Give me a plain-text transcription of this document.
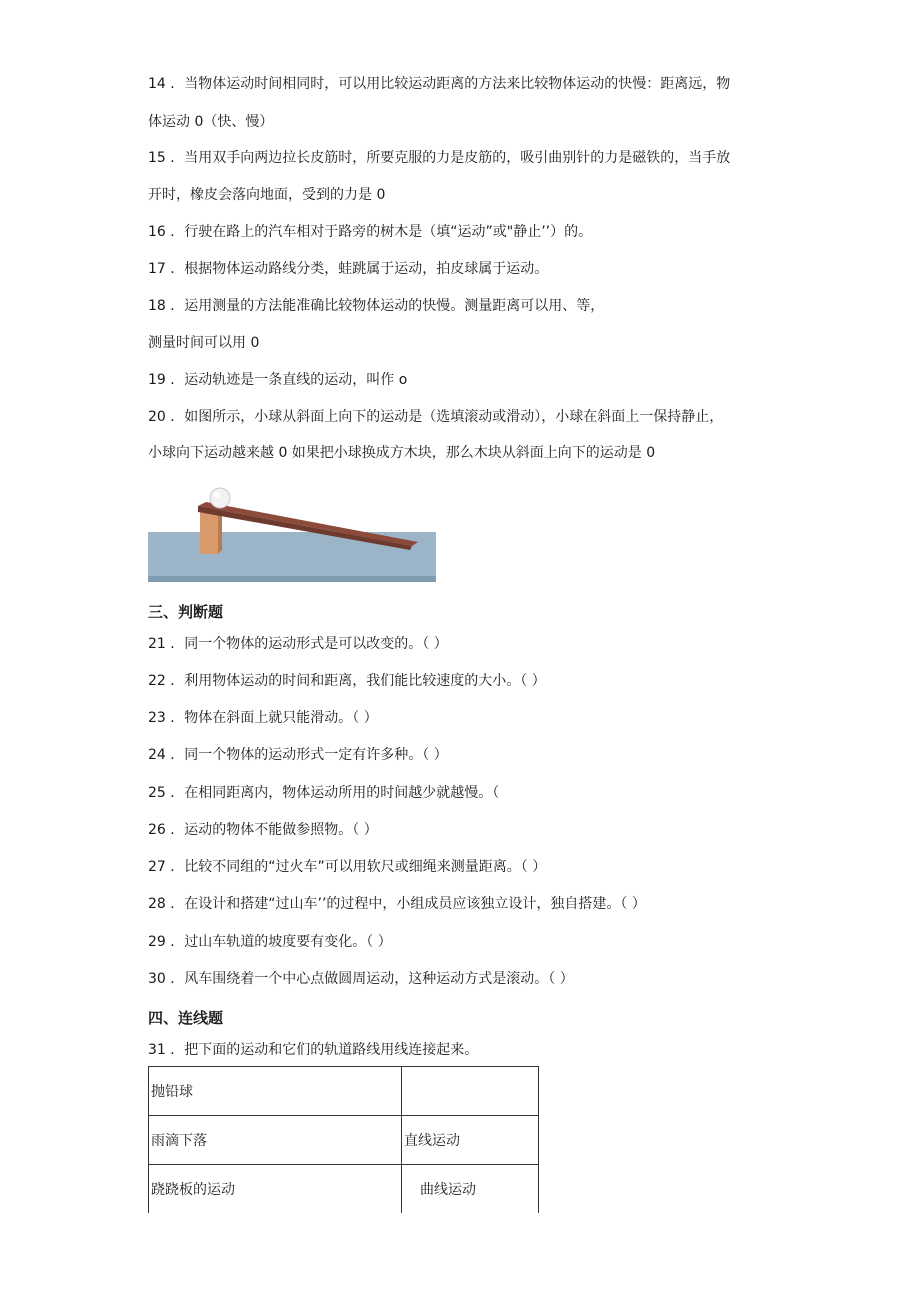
14 ．当物体运动时间相同时，可以用比较运动距离的方法来比较物体运动的快慢：距离远，物
体运动 0（快、慢）
15 ．当用双手向两边拉长皮筋时，所要克服的力是皮筋的，吸引曲别针的力是磁铁的，当手放
开时，橡皮会落向地面，受到的力是 0
16 ．行驶在路上的汽车相对于路旁的树木是（填“运动”或"静止’’）的。
17 ．根据物体运动路线分类，蛙跳属于运动，拍皮球属于运动。
18 ．运用测量的方法能准确比较物体运动的快慢。测量距离可以用、等，
测量时间可以用 0
19 ．运动轨迹是一条直线的运动，叫作 o
20 ．如图所示，小球从斜面上向下的运动是（选填滚动或滑动），小球在斜面上一保持静止，
小球向下运动越来越 0 如果把小球换成方木块，那么木块从斜面上向下的运动是 0
三、判断题
21 ．同一个物体的运动形式是可以改变的。（ ）
22 ．利用物体运动的时间和距离，我们能比较速度的大小。（ ）
23 ．物体在斜面上就只能滑动。（ ）
24 ．同一个物体的运动形式一定有许多种。（ ）
25 ．在相同距离内，物体运动所用的时间越少就越慢。（
26 ．运动的物体不能做参照物。（ ）
27 ．比较不同组的“过火车”可以用软尺或细绳来测量距离。（ ）
28 ．在设计和搭建“过山车’’的过程中，小组成员应该独立设计，独自搭建。（ ）
29 ．过山车轨道的坡度要有变化。（ ）
30 ．风车围绕着一个中心点做圆周运动，这种运动方式是滚动。（ ）
四、连线题
31 ．把下面的运动和它们的轨道路线用线连接起来。
抛铅球	
雨滴下落	直线运动
跷跷板的运动	曲线运动
